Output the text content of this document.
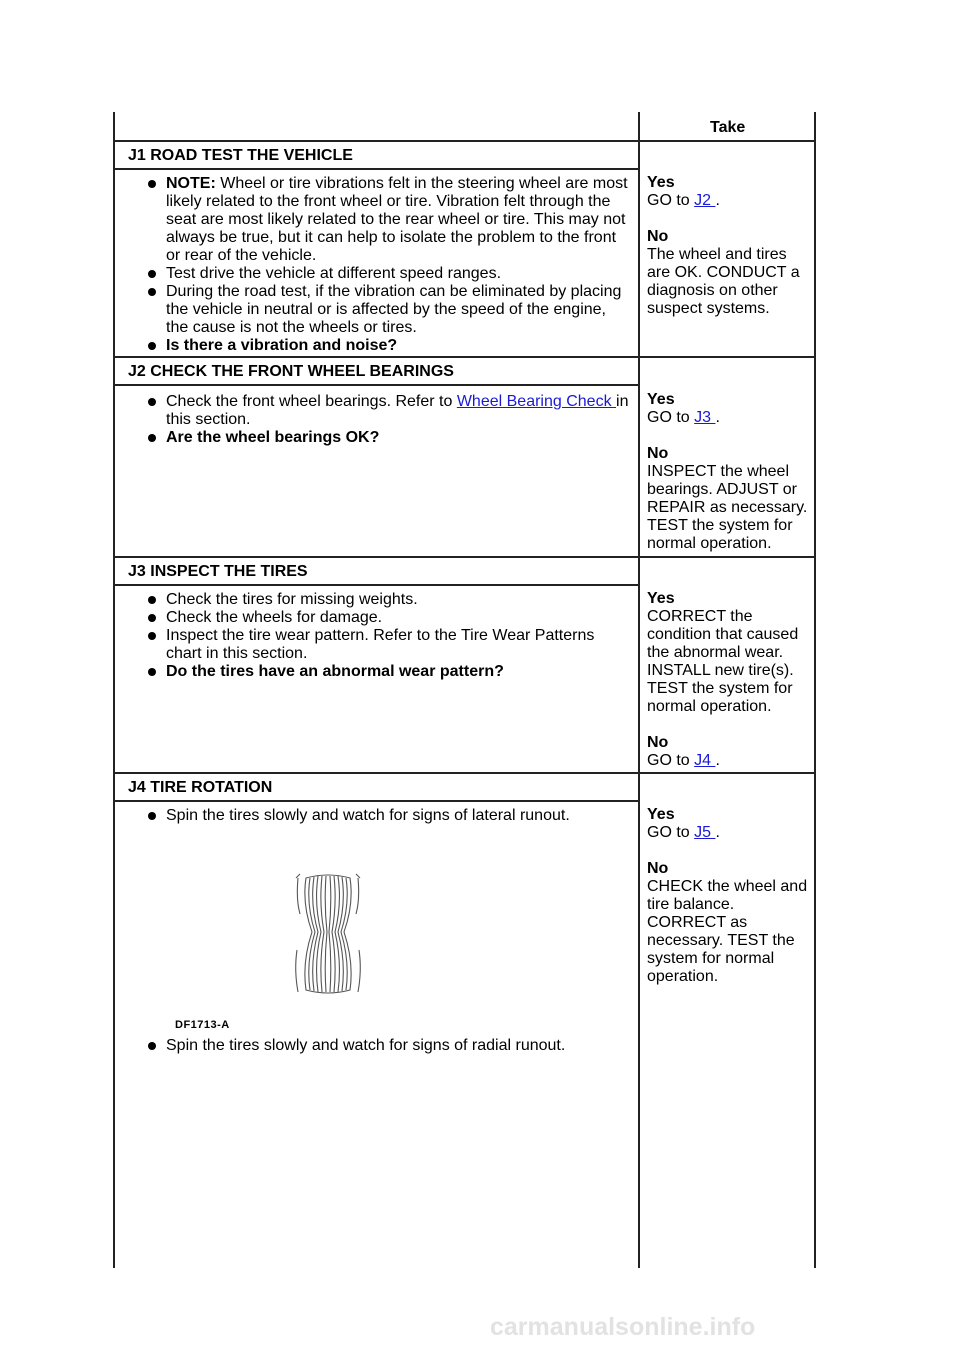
Take
J1 ROAD TEST THE VEHICLE
NOTE: Wheel or tire vibrations felt in the steering wheel are most
likely related to the front wheel or tire. Vibration felt through the
seat are most likely related to the rear wheel or tire. This may not
always be true, but it can help to isolate the problem to the front
or rear of the vehicle.
Test drive the vehicle at different speed ranges.
During the road test, if the vibration can be eliminated by placing
the vehicle in neutral or is affected by the speed of the engine,
the cause is not the wheels or tires.
Is there a vibration and noise?

Yes

GO to J2 .

No

The wheel and tires

are OK. CONDUCT a

diagnosis on other

suspect systems.

J2 CHECK THE FRONT WHEEL BEARINGS
Check the front wheel bearings. Refer to Wheel Bearing Check in
this section.
Are the wheel bearings OK?

Yes

GO to J3 .

No

INSPECT the wheel

bearings. ADJUST or

REPAIR as necessary.

TEST the system for

normal operation.

J3 INSPECT THE TIRES
Check the tires for missing weights.
Check the wheels for damage.
Inspect the tire wear pattern. Refer to the Tire Wear Patterns
chart in this section.
Do the tires have an abnormal wear pattern?

Yes

CORRECT the

condition that caused

the abnormal wear.

INSTALL new tire(s).

TEST the system for

normal operation.

No

GO to J4 .

J4 TIRE ROTATION
Spin the tires slowly and watch for signs of lateral runout.
DF1713-A
Spin the tires slowly and watch for signs of radial runout.

Yes

GO to J5 .

No

CHECK the wheel and

tire balance.

CORRECT as

necessary. TEST the

system for normal

operation.

carmanualsonline.info
